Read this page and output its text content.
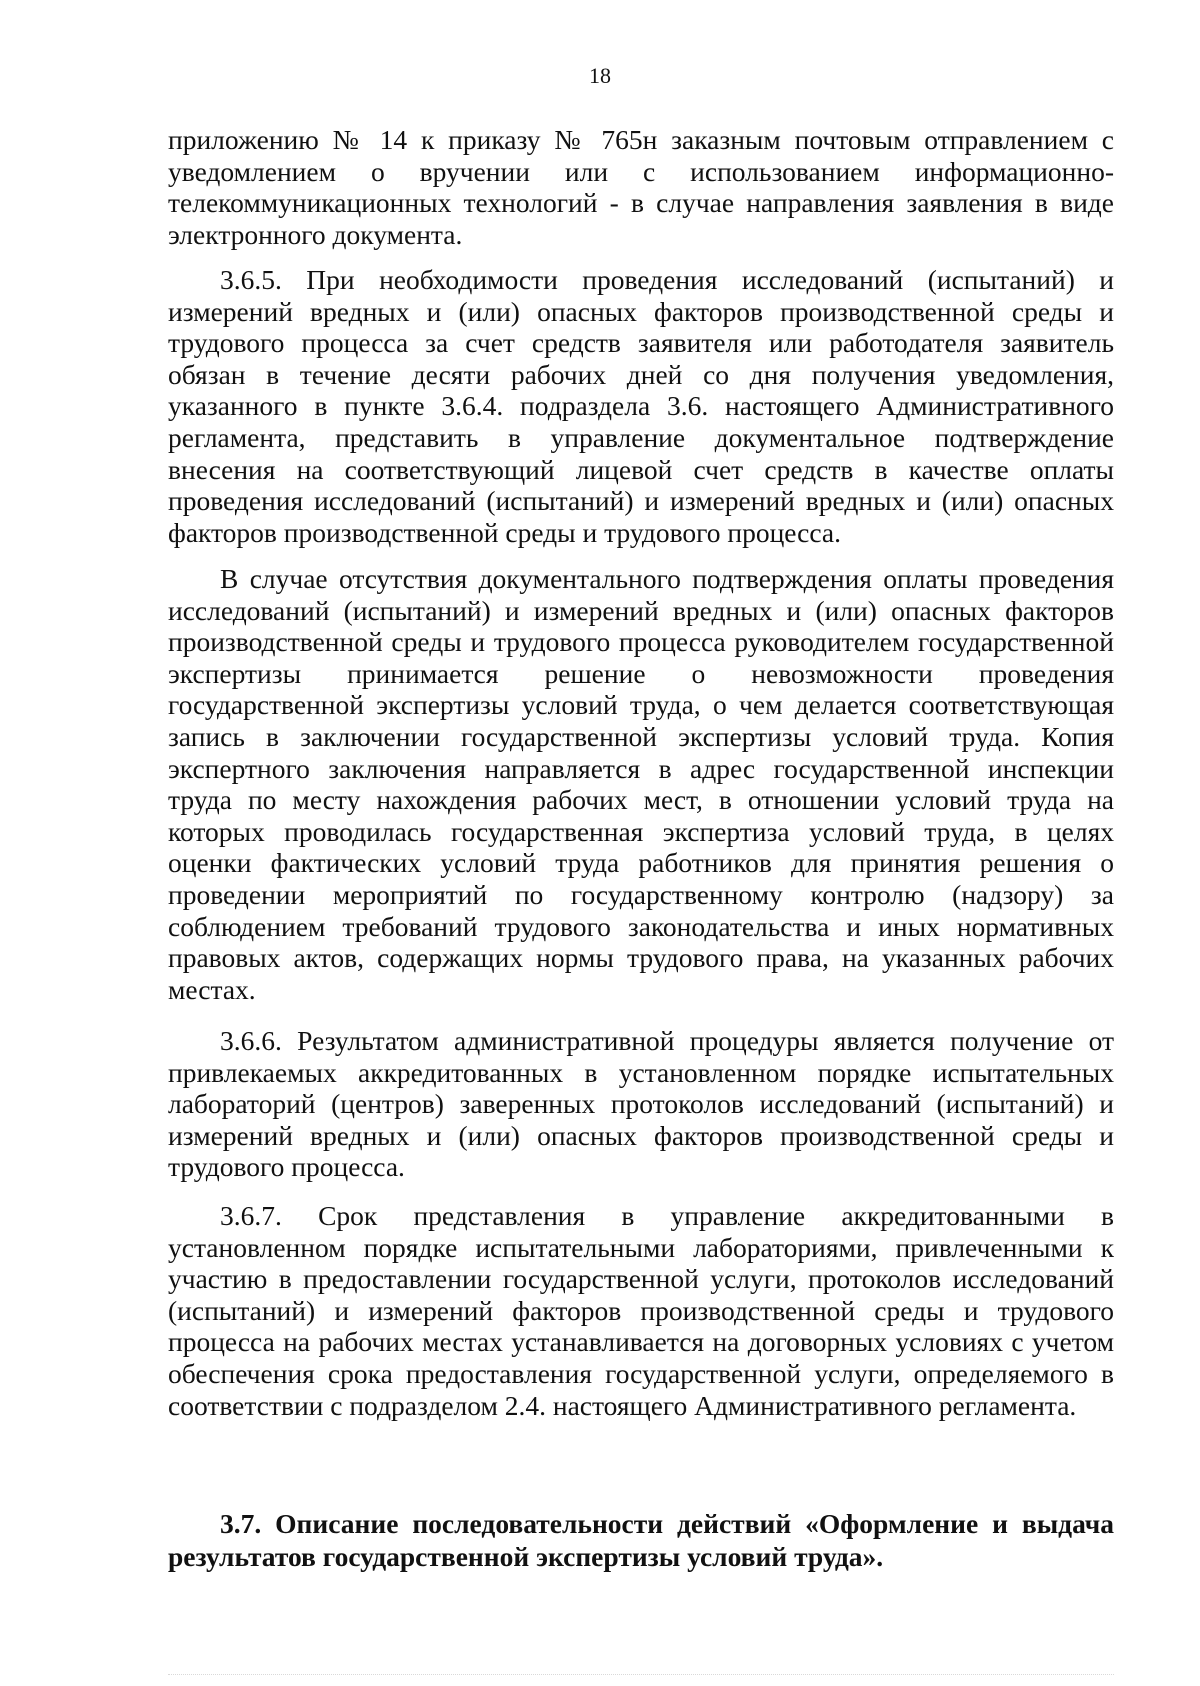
18

приложению № 14 к приказу № 765н заказным почтовым отправлением с уведомлением о вручении или с использованием информационно-телекоммуникационных технологий - в случае направления заявления в виде электронного документа.

3.6.5. При необходимости проведения исследований (испытаний) и измерений вредных и (или) опасных факторов производственной среды и трудового процесса за счет средств заявителя или работодателя заявитель обязан в течение десяти рабочих дней со дня получения уведомления, указанного в пункте 3.6.4. подраздела 3.6. настоящего Административного регламента, представить в управление документальное подтверждение внесения на соответствующий лицевой счет средств в качестве оплаты проведения исследований (испытаний) и измерений вредных и (или) опасных факторов производственной среды и трудового процесса.

В случае отсутствия документального подтверждения оплаты проведения исследований (испытаний) и измерений вредных и (или) опасных факторов производственной среды и трудового процесса руководителем государственной экспертизы принимается решение о невозможности проведения государственной экспертизы условий труда, о чем делается соответствующая запись в заключении государственной экспертизы условий труда. Копия экспертного заключения направляется в адрес государственной инспекции труда по месту нахождения рабочих мест, в отношении условий труда на которых проводилась государственная экспертиза условий труда, в целях оценки фактических условий труда работников для принятия решения о проведении мероприятий по государственному контролю (надзору) за соблюдением требований трудового законодательства и иных нормативных правовых актов, содержащих нормы трудового права, на указанных рабочих местах.

3.6.6. Результатом административной процедуры является получение от привлекаемых аккредитованных в установленном порядке испытательных лабораторий (центров) заверенных протоколов исследований (испытаний) и измерений вредных и (или) опасных факторов производственной среды и трудового процесса.

3.6.7. Срок представления в управление аккредитованными в установленном порядке испытательными лабораториями, привлеченными к участию в предоставлении государственной услуги, протоколов исследований (испытаний) и измерений факторов производственной среды и трудового процесса на рабочих местах устанавливается на договорных условиях с учетом обеспечения срока предоставления государственной услуги, определяемого в соответствии с подразделом 2.4. настоящего Административного регламента.

3.7. Описание последовательности действий «Оформление и выдача результатов государственной экспертизы условий труда».
